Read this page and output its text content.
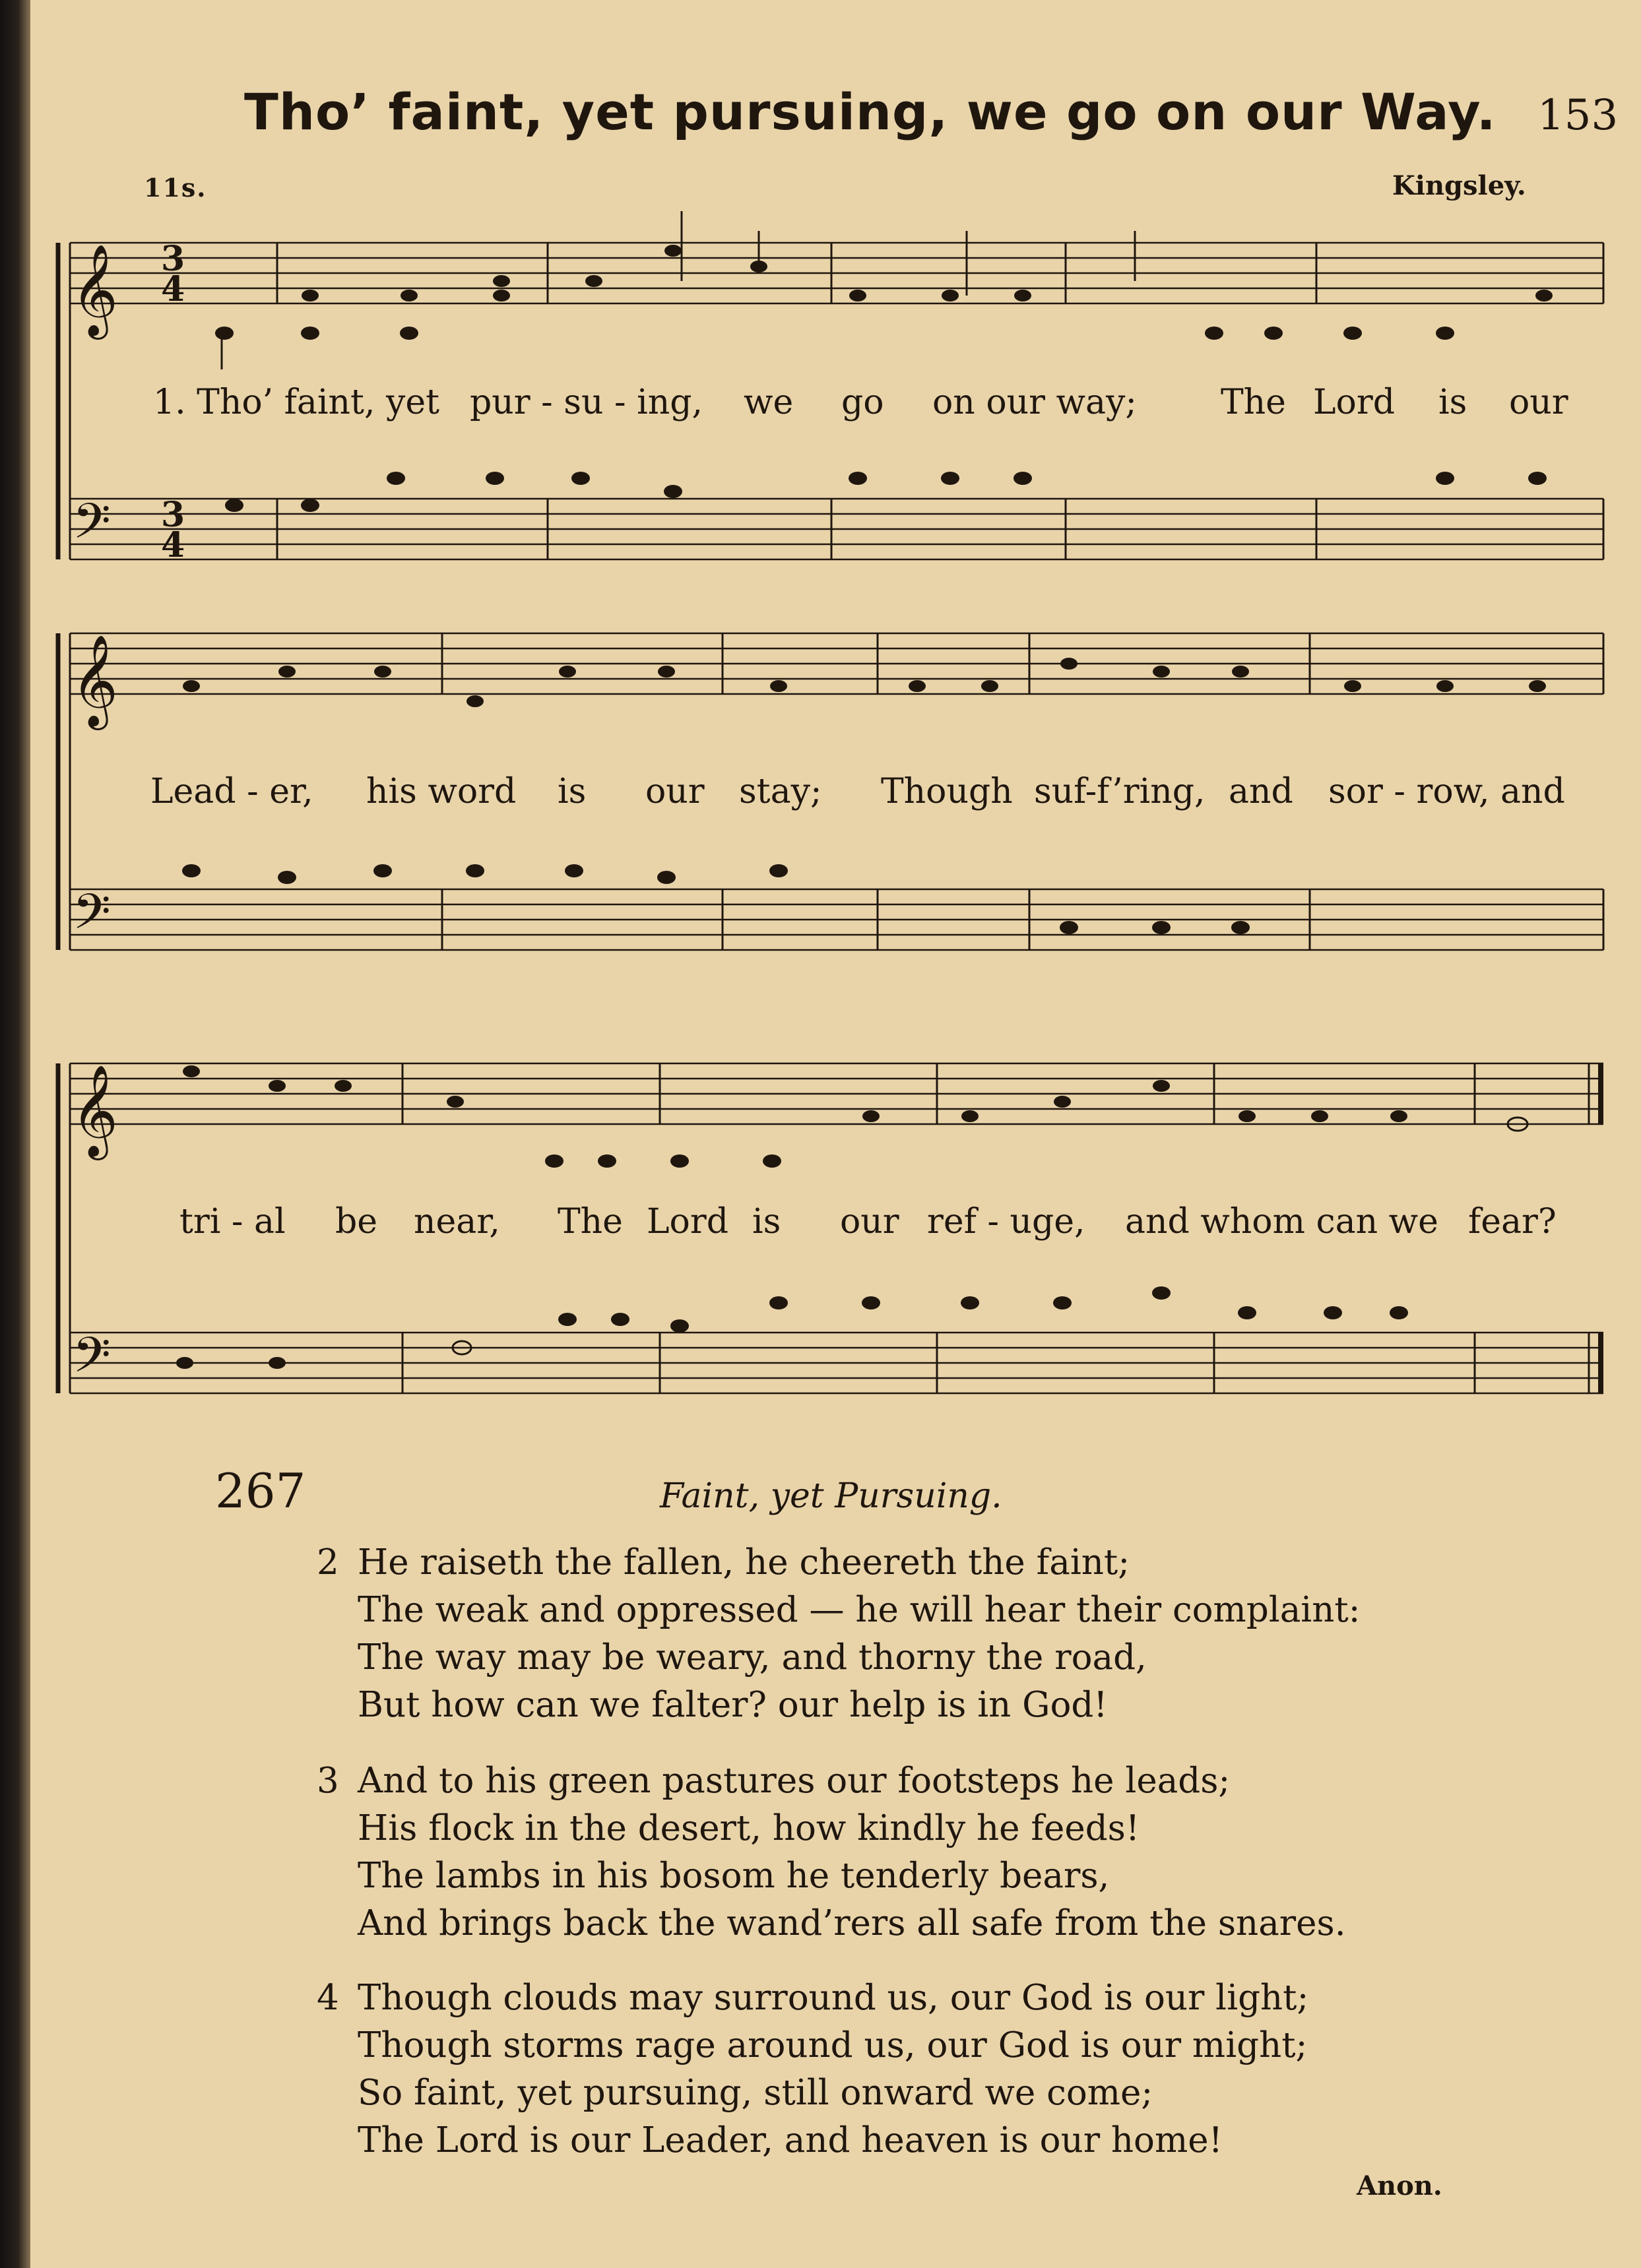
Tho’ faint, yet pursuing, we go on our Way. 153
11s.	Kingsley.
𝄞
𝄢
𝄞
𝄢
𝄞
𝄢
3
4
3
4
1. Tho’ faint, yet pur - su - ing, we go on our way; The Lord is our
Lead - er, his word is our stay; Though suf-f’ring, and sor - row, and
tri - al be near, The Lord is our ref - uge, and whom can we fear?
267	Faint, yet Pursuing.
2 He raiseth the fallen, he cheereth the faint;
The weak and oppressed — he will hear their complaint:
The way may be weary, and thorny the road,
But how can we falter? our help is in God!
3 And to his green pastures our footsteps he leads;
His flock in the desert, how kindly he feeds!
The lambs in his bosom he tenderly bears,
And brings back the wand’rers all safe from the snares.
4 Though clouds may surround us, our God is our light;
Though storms rage around us, our God is our might;
So faint, yet pursuing, still onward we come;
The Lord is our Leader, and heaven is our home!
Anon.
